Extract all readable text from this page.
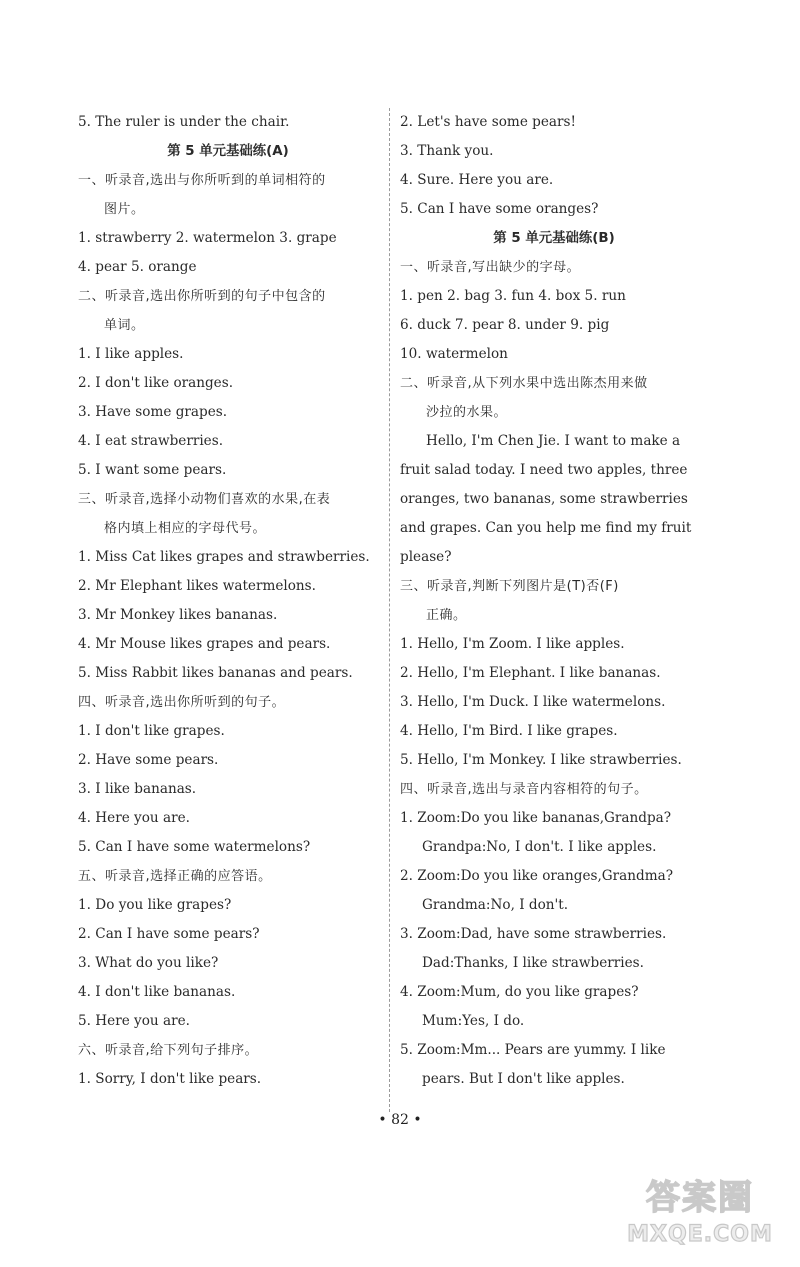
5. The ruler is under the chair.
第 5 单元基础练(A)
一、听录音,选出与你所听到的单词相符的
图片。
1. strawberry 2. watermelon 3. grape
4. pear 5. orange
二、听录音,选出你所听到的句子中包含的
单词。
1. I like apples.
2. I don't like oranges.
3. Have some grapes.
4. I eat strawberries.
5. I want some pears.
三、听录音,选择小动物们喜欢的水果,在表
格内填上相应的字母代号。
1. Miss Cat likes grapes and strawberries.
2. Mr Elephant likes watermelons.
3. Mr Monkey likes bananas.
4. Mr Mouse likes grapes and pears.
5. Miss Rabbit likes bananas and pears.
四、听录音,选出你所听到的句子。
1. I don't like grapes.
2. Have some pears.
3. I like bananas.
4. Here you are.
5. Can I have some watermelons?
五、听录音,选择正确的应答语。
1. Do you like grapes?
2. Can I have some pears?
3. What do you like?
4. I don't like bananas.
5. Here you are.
六、听录音,给下列句子排序。
1. Sorry, I don't like pears.
2. Let's have some pears!
3. Thank you.
4. Sure. Here you are.
5. Can I have some oranges?
第 5 单元基础练(B)
一、听录音,写出缺少的字母。
1. pen 2. bag 3. fun 4. box 5. run
6. duck 7. pear 8. under 9. pig
10. watermelon
二、听录音,从下列水果中选出陈杰用来做
沙拉的水果。
Hello, I'm Chen Jie. I want to make a
fruit salad today. I need two apples, three
oranges, two bananas, some strawberries
and grapes. Can you help me find my fruit
please?
三、听录音,判断下列图片是(T)否(F)
正确。
1. Hello, I'm Zoom. I like apples.
2. Hello, I'm Elephant. I like bananas.
3. Hello, I'm Duck. I like watermelons.
4. Hello, I'm Bird. I like grapes.
5. Hello, I'm Monkey. I like strawberries.
四、听录音,选出与录音内容相符的句子。
1. Zoom:Do you like bananas,Grandpa?
Grandpa:No, I don't. I like apples.
2. Zoom:Do you like oranges,Grandma?
Grandma:No, I don't.
3. Zoom:Dad, have some strawberries.
Dad:Thanks, I like strawberries.
4. Zoom:Mum, do you like grapes?
Mum:Yes, I do.
5. Zoom:Mm... Pears are yummy. I like
pears. But I don't like apples.
• 82 •
答案圈
MXQE.COM
